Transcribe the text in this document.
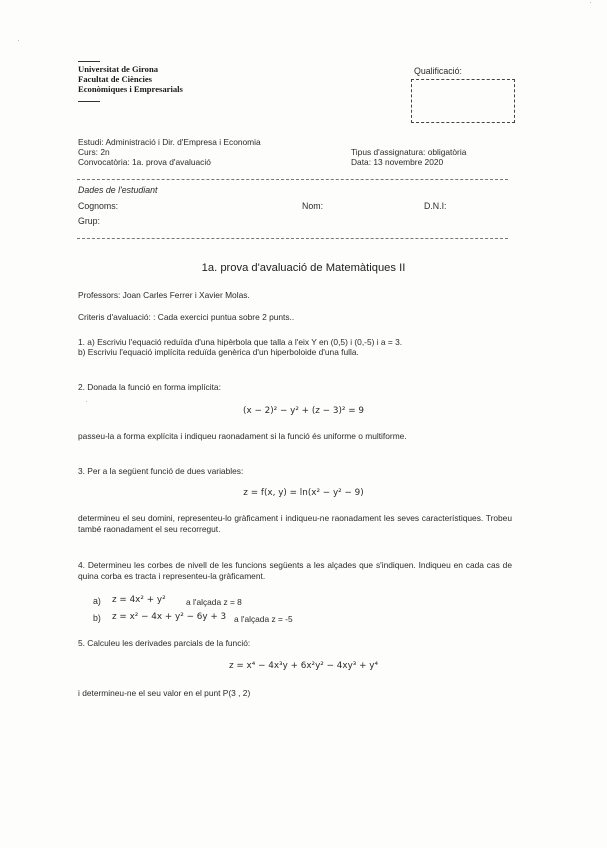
Universitat de Girona
Facultat de Ciències
Econòmiques i Empresarials
Qualificació:
Estudi: Administració i Dir. d'Empresa i Economia
Curs: 2n
Convocatòria: 1a. prova d'avaluació
Tipus d'assignatura: obligatòria
Data: 13 novembre 2020
Dades de l'estudiant
Cognoms:	Nom:	D.N.I:
Grup:
1a. prova d'avaluació de Matemàtiques II
Professors: Joan Carles Ferrer i Xavier Molas.
Criteris d'avaluació: : Cada exercici puntua sobre 2 punts..
1. a) Escriviu l'equació reduïda d'una hipèrbola que talla a l'eix Y en (0,5) i (0,-5) i a = 3.
b) Escriviu l'equació implícita reduïda genèrica d'un hiperboloide d'una fulla.
2. Donada la funció en forma implícita:
(x − 2)² − y² + (z − 3)² = 9
passeu-la a forma explícita i indiqueu raonadament si la funció és uniforme o multiforme.
3. Per a la següent funció de dues variables:
z = f(x, y) = ln(x² − y² − 9)
determineu el seu domini, representeu-lo gràficament i indiqueu-ne raonadament les seves característiques. Trobeu també raonadament el seu recorregut.
4. Determineu les corbes de nivell de les funcions següents a les alçades que s'indiquen. Indiqueu en cada cas de quina corba es tracta i representeu-la gràficament.
a) z = 4x² + y² a l'alçada z = 8
b) z = x² − 4x + y² − 6y + 3 a l'alçada z = -5
5. Calculeu les derivades parcials de la funció:
z = x⁴ − 4x³y + 6x²y² − 4xy³ + y⁴
i determineu-ne el seu valor en el punt P(3 , 2)
